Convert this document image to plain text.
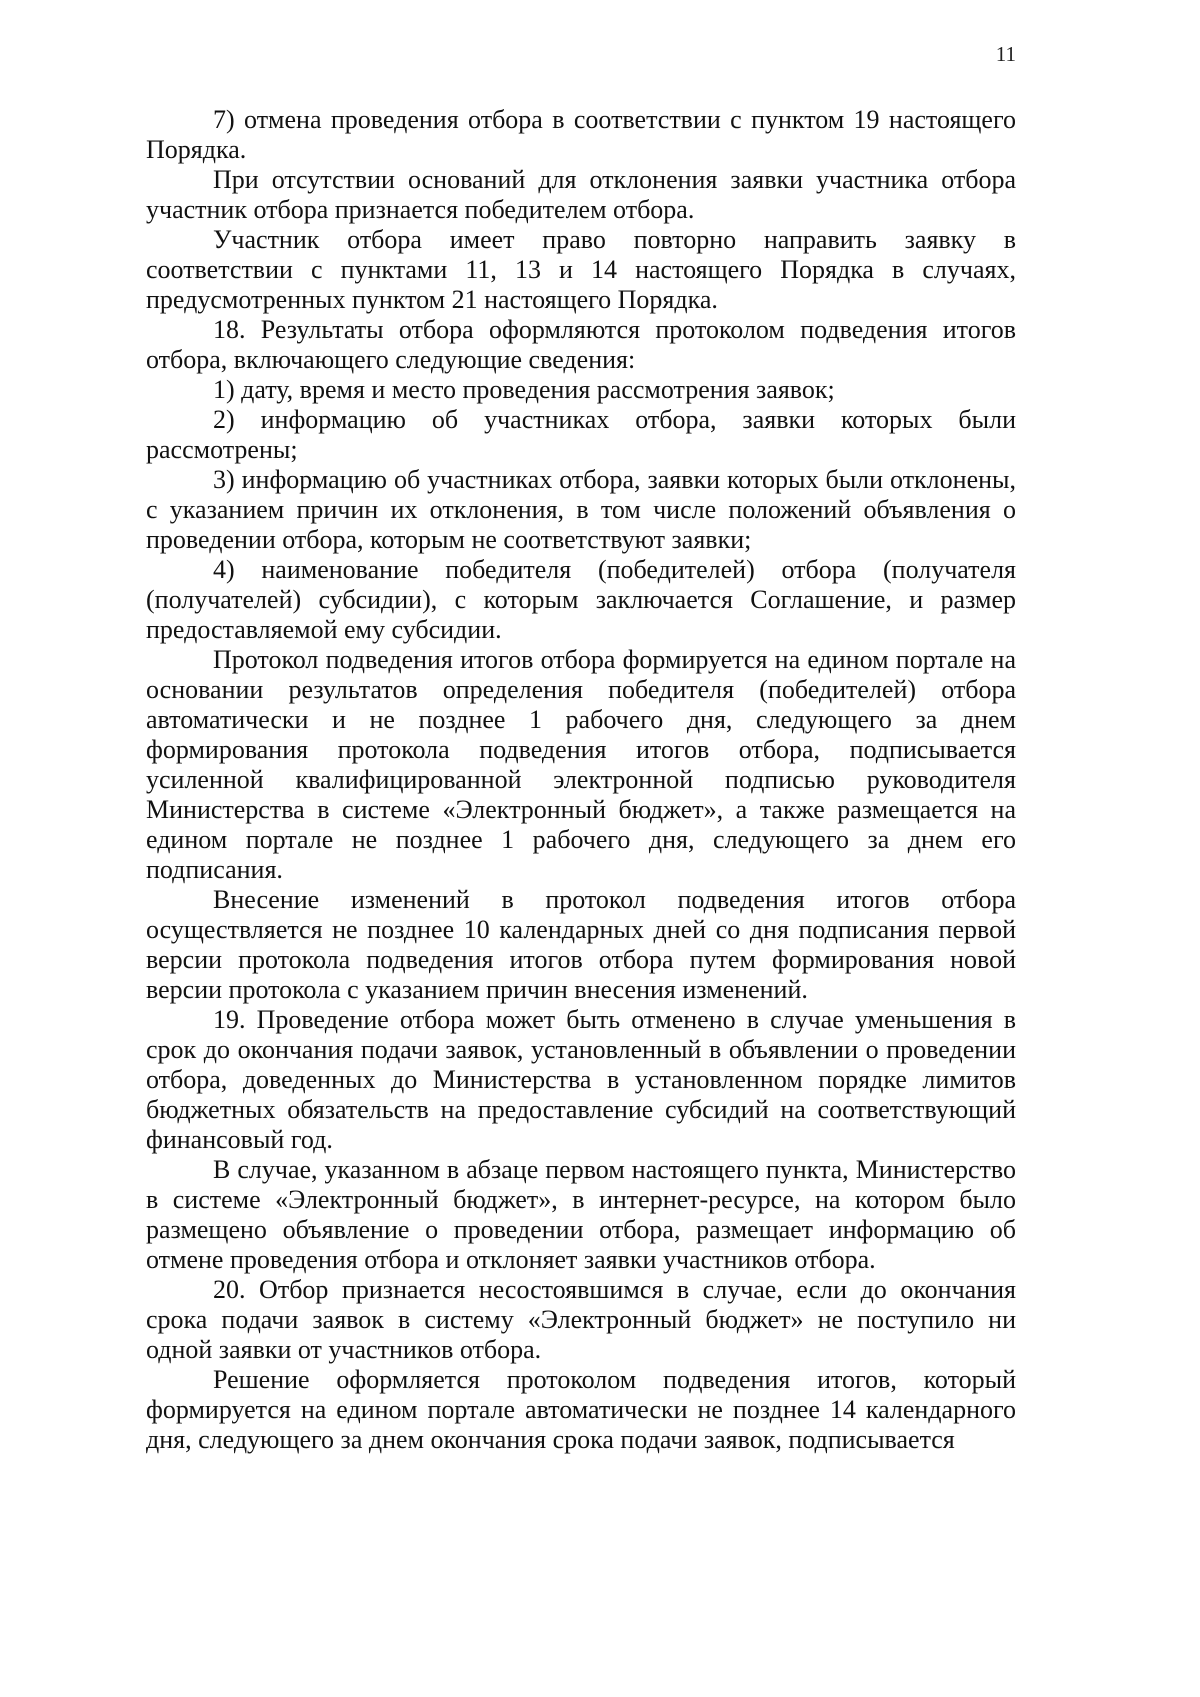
11

7) отмена проведения отбора в соответствии с пунктом 19 настоящего Порядка.

При отсутствии оснований для отклонения заявки участника отбора участник отбора признается победителем отбора.

Участник отбора имеет право повторно направить заявку в соответствии с пунктами 11, 13 и 14 настоящего Порядка в случаях, предусмотренных пунктом 21 настоящего Порядка.

18. Результаты отбора оформляются протоколом подведения итогов отбора, включающего следующие сведения:

1) дату, время и место проведения рассмотрения заявок;

2) информацию об участниках отбора, заявки которых были рассмотрены;

3) информацию об участниках отбора, заявки которых были отклонены, с указанием причин их отклонения, в том числе положений объявления о проведении отбора, которым не соответствуют заявки;

4) наименование победителя (победителей) отбора (получателя (получателей) субсидии), с которым заключается Соглашение, и размер предоставляемой ему субсидии.

Протокол подведения итогов отбора формируется на едином портале на основании результатов определения победителя (победителей) отбора автоматически и не позднее 1 рабочего дня, следующего за днем формирования протокола подведения итогов отбора, подписывается усиленной квалифицированной электронной подписью руководителя Министерства в системе «Электронный бюджет», а также размещается на едином портале не позднее 1 рабочего дня, следующего за днем его подписания.

Внесение изменений в протокол подведения итогов отбора осуществляется не позднее 10 календарных дней со дня подписания первой версии протокола подведения итогов отбора путем формирования новой версии протокола с указанием причин внесения изменений.

19. Проведение отбора может быть отменено в случае уменьшения в срок до окончания подачи заявок, установленный в объявлении о проведении отбора, доведенных до Министерства в установленном порядке лимитов бюджетных обязательств на предоставление субсидий на соответствующий финансовый год.

В случае, указанном в абзаце первом настоящего пункта, Министерство в системе «Электронный бюджет», в интернет-ресурсе, на котором было размещено объявление о проведении отбора, размещает информацию об отмене проведения отбора и отклоняет заявки участников отбора.

20. Отбор признается несостоявшимся в случае, если до окончания срока подачи заявок в систему «Электронный бюджет» не поступило ни одной заявки от участников отбора.

Решение оформляется протоколом подведения итогов, который формируется на едином портале автоматически не позднее 14 календарного дня, следующего за днем окончания срока подачи заявок, подписывается
